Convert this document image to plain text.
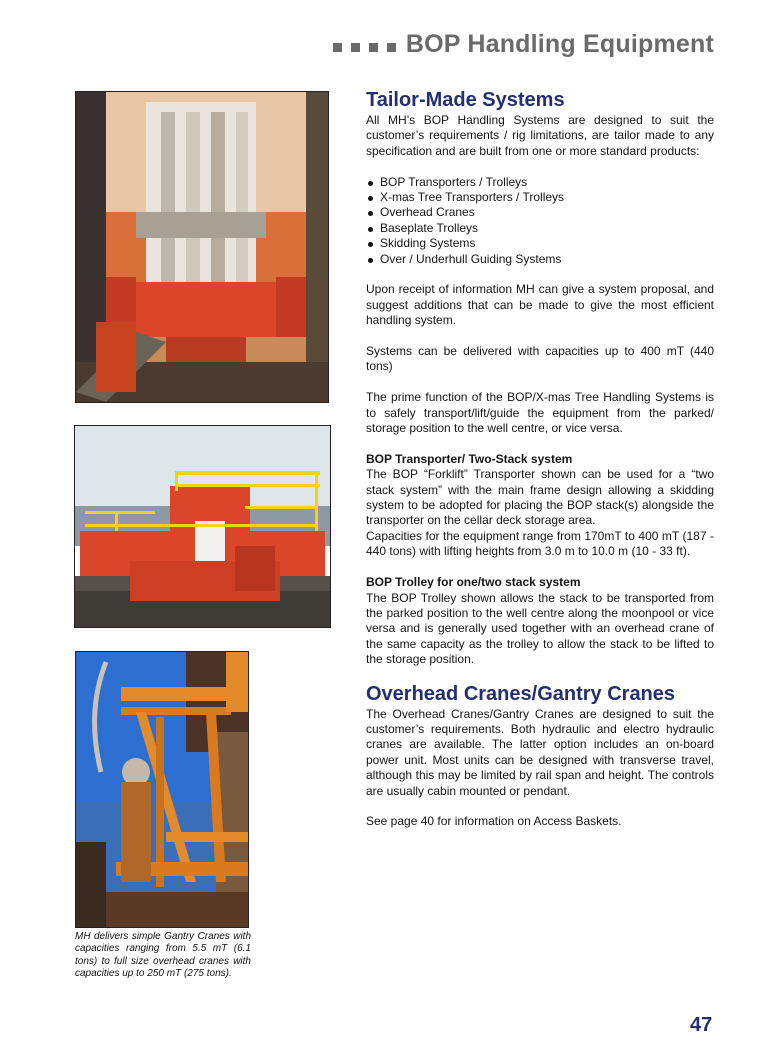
BOP Handling Equipment
MH delivers simple Gantry Cranes with capacities ranging from 5.5 mT (6.1 tons) to full size overhead cranes with capacities up to 250 mT (275 tons).
Tailor-Made Systems

All MH’s BOP Handling Systems are designed to suit the customer’s requirements / rig limitations, are tailor made to any specification and are built from one or more standard products:

BOP Transporters / Trolleys
X-mas Tree Transporters / Trolleys
Overhead Cranes
Baseplate Trolleys
Skidding Systems
Over / Underhull Guiding Systems

Upon receipt of information MH can give a system proposal, and suggest additions that can be made to give the most efficient handling system.

Systems can be delivered with capacities up to 400 mT (440 tons)

The prime function of the BOP/X-mas Tree Handling Systems is to safely transport/lift/guide the equipment from the parked/ storage position to the well centre, or vice versa.

BOP Transporter/ Two-Stack system

The BOP “Forklift” Transporter shown can be used for a “two stack system” with the main frame design allowing a skidding system to be adopted for placing the BOP stack(s) alongside the transporter on the cellar deck storage area.

Capacities for the equipment range from 170mT to 400 mT (187 - 440 tons) with lifting heights from 3.0 m to 10.0 m (10 - 33 ft).

BOP Trolley for one/two stack system

The BOP Trolley shown allows the stack to be transported from the parked position to the well centre along the moonpool or vice versa and is generally used together with an overhead crane of the same capacity as the trolley to allow the stack to be lifted to the storage position.

Overhead Cranes/Gantry Cranes

The Overhead Cranes/Gantry Cranes are designed to suit the customer’s requirements. Both hydraulic and electro hydraulic cranes are available. The latter option includes an on-board power unit. Most units can be designed with transverse travel, although this may be limited by rail span and height. The controls are usually cabin mounted or pendant.

See page 40 for information on Access Baskets.

47
